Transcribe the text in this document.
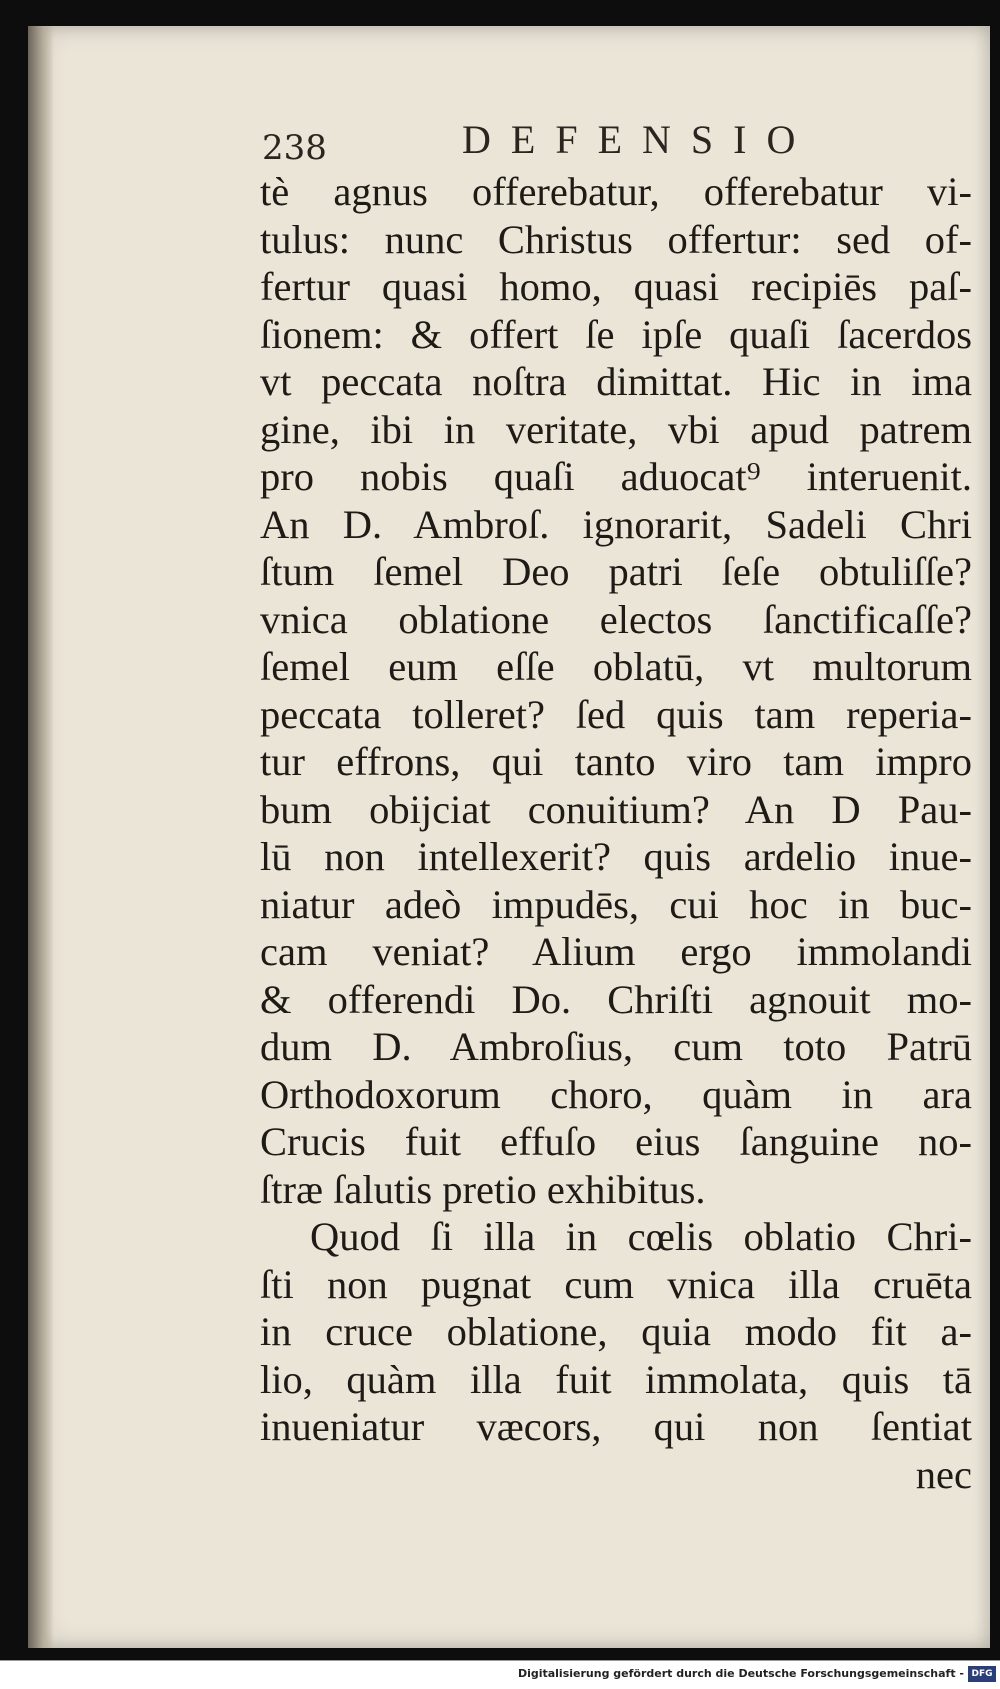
238	DEFENSIO
tè agnus offerebatur, offerebatur vi-
tulus: nunc Christus offertur: sed of-
fertur quasi homo, quasi recipiēs paſ-
ſionem: & offert ſe ipſe quaſi ſacerdos
vt peccata noſtra dimittat. Hic in ima
gine, ibi in veritate, vbi apud patrem
pro nobis quaſi aduocat⁹ interuenit.
An D. Ambroſ. ignorarit, Sadeli Chri
ſtum ſemel Deo patri ſeſe obtuliſſe?
vnica oblatione electos ſanctificaſſe?
ſemel eum eſſe oblatū, vt multorum
peccata tolleret? ſed quis tam reperia-
tur effrons, qui tanto viro tam impro
bum obijciat conuitium? An D Pau-
lū non intellexerit? quis ardelio inue-
niatur adeò impudēs, cui hoc in buc-
cam veniat? Alium ergo immolandi
& offerendi Do. Chriſti agnouit mo-
dum D. Ambroſius, cum toto Patrū
Orthodoxorum choro, quàm in ara
Crucis fuit effuſo eius ſanguine no-
ſtræ ſalutis pretio exhibitus.
Quod ſi illa in cœlis oblatio Chri-
ſti non pugnat cum vnica illa cruēta
in cruce oblatione, quia modo fit a-
lio, quàm illa fuit immolata, quis tā
inueniatur væcors, qui non ſentiat
nec
Digitalisierung gefördert durch die Deutsche Forschungsgemeinschaft - DFG
